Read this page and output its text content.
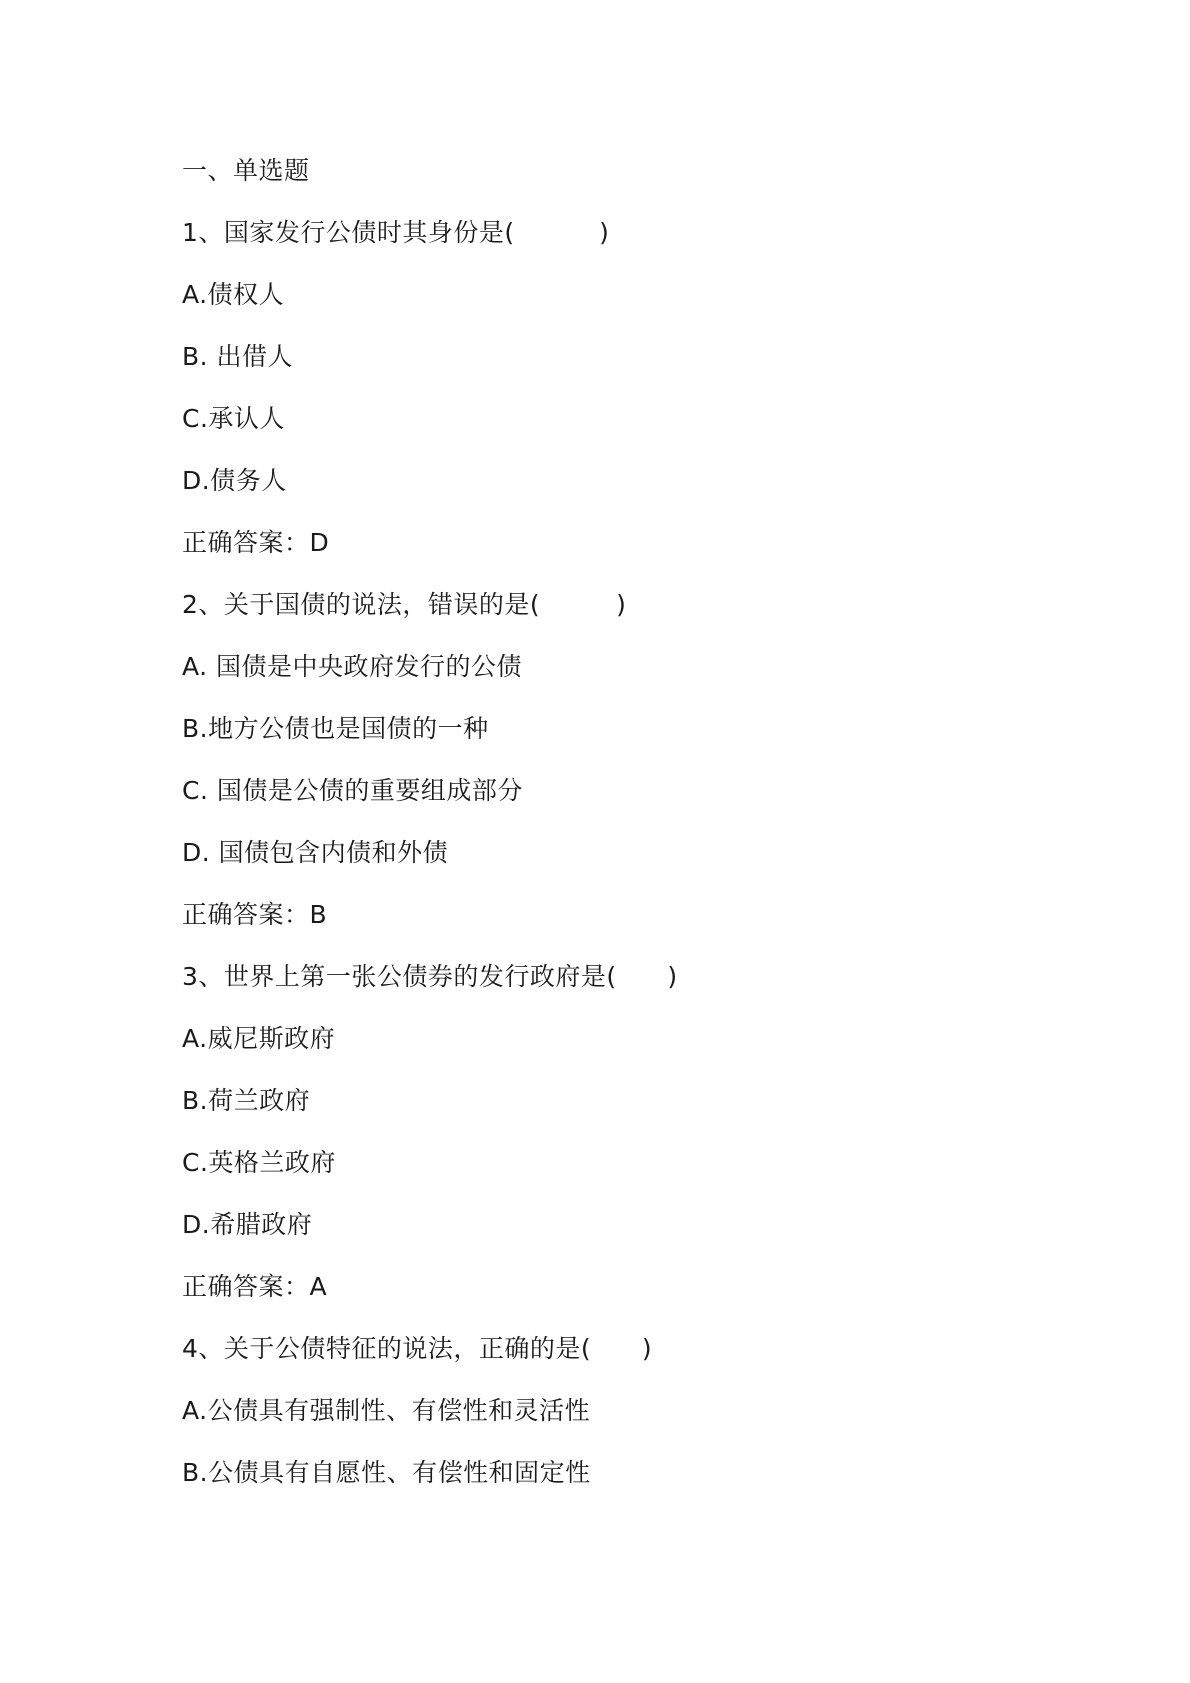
一、单选题
1、国家发行公债时其身份是(          )
A.债权人
B. 出借人
C.承认人
D.债务人
正确答案：D
2、关于国债的说法，错误的是(         )
A. 国债是中央政府发行的公债
B.地方公债也是国债的一种
C. 国债是公债的重要组成部分
D. 国债包含内债和外债
正确答案：B
3、世界上第一张公债券的发行政府是(      )
A.威尼斯政府
B.荷兰政府
C.英格兰政府
D.希腊政府
正确答案：A
4、关于公债特征的说法，正确的是(      )
A.公债具有强制性、有偿性和灵活性
B.公债具有自愿性、有偿性和固定性
